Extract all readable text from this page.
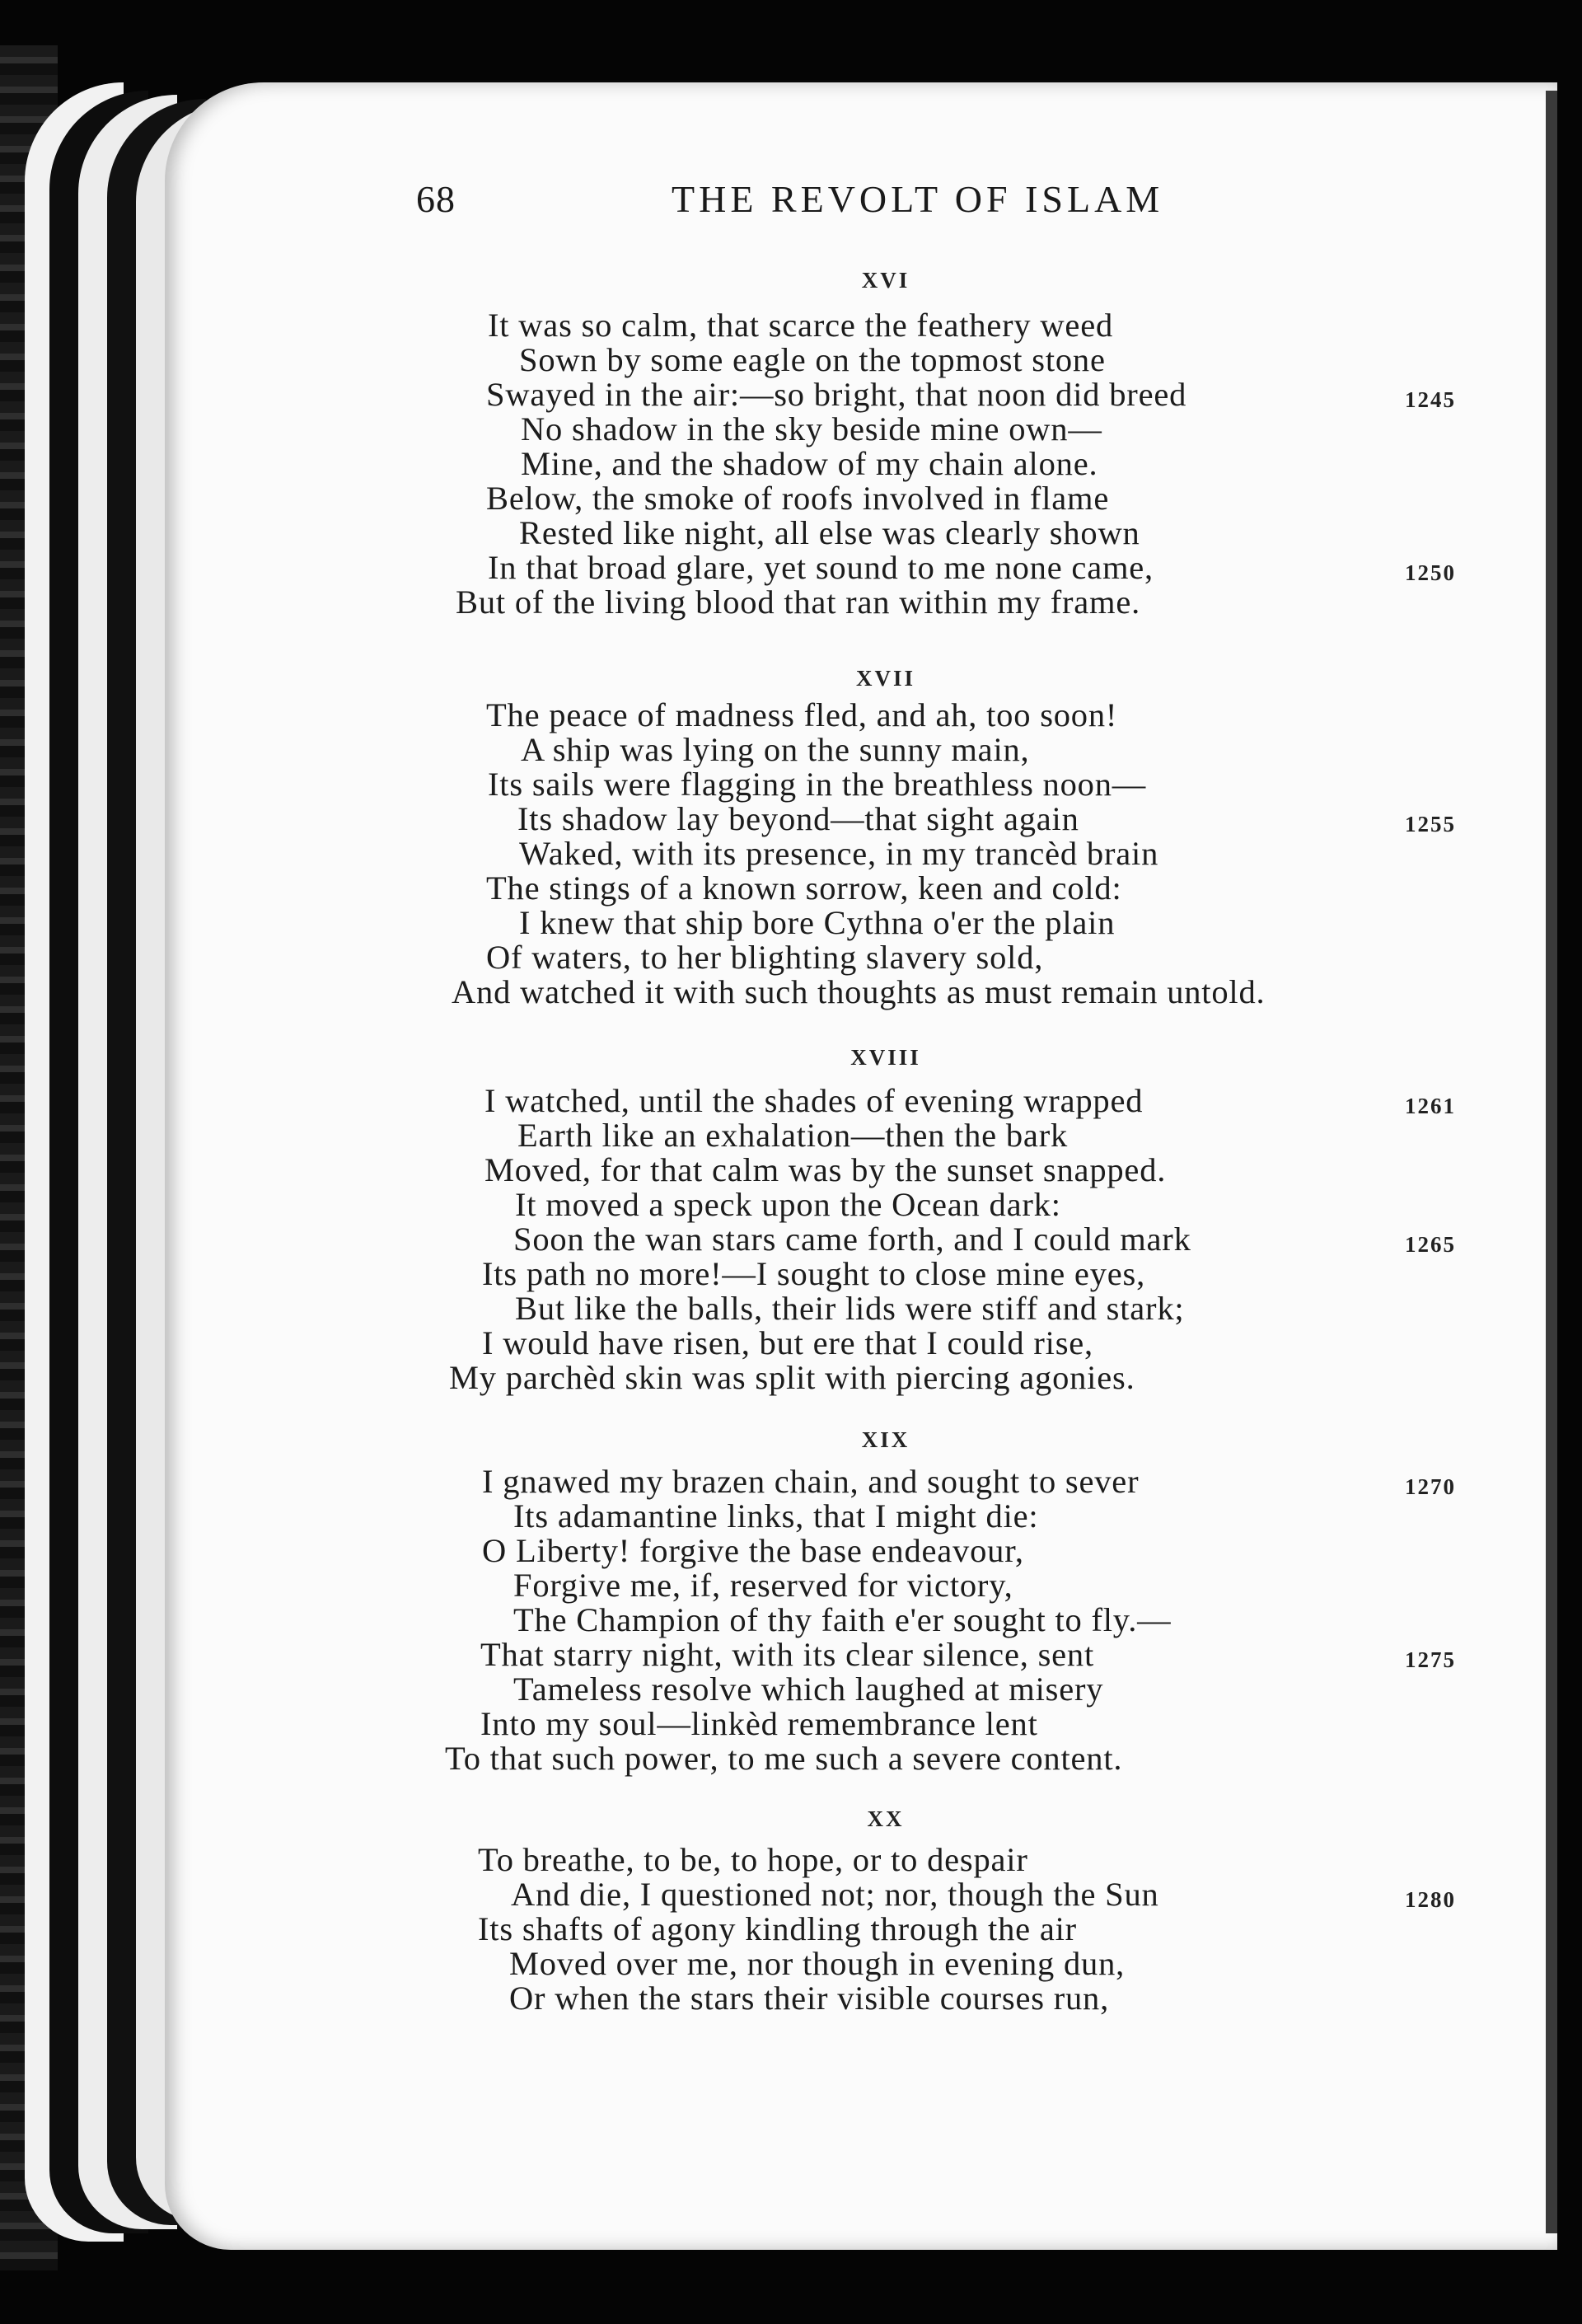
68	THE REVOLT OF ISLAM
XVI
It was so calm, that scarce the feathery weed
Sown by some eagle on the topmost stone
Swayed in the air:—so bright, that noon did breed	1245
No shadow in the sky beside mine own—
Mine, and the shadow of my chain alone.
Below, the smoke of roofs involved in flame
Rested like night, all else was clearly shown
In that broad glare, yet sound to me none came,	1250
But of the living blood that ran within my frame.
XVII
The peace of madness fled, and ah, too soon!
A ship was lying on the sunny main,
Its sails were flagging in the breathless noon—
Its shadow lay beyond—that sight again	1255
Waked, with its presence, in my trancèd brain
The stings of a known sorrow, keen and cold:
I knew that ship bore Cythna o'er the plain
Of waters, to her blighting slavery sold,
And watched it with such thoughts as must remain untold.
XVIII
I watched, until the shades of evening wrapped	1261
Earth like an exhalation—then the bark
Moved, for that calm was by the sunset snapped.
It moved a speck upon the Ocean dark:
Soon the wan stars came forth, and I could mark	1265
Its path no more!—I sought to close mine eyes,
But like the balls, their lids were stiff and stark;
I would have risen, but ere that I could rise,
My parchèd skin was split with piercing agonies.
XIX
I gnawed my brazen chain, and sought to sever	1270
Its adamantine links, that I might die:
O Liberty! forgive the base endeavour,
Forgive me, if, reserved for victory,
The Champion of thy faith e'er sought to fly.—
That starry night, with its clear silence, sent	1275
Tameless resolve which laughed at misery
Into my soul—linkèd remembrance lent
To that such power, to me such a severe content.
XX
To breathe, to be, to hope, or to despair
And die, I questioned not; nor, though the Sun	1280
Its shafts of agony kindling through the air
Moved over me, nor though in evening dun,
Or when the stars their visible courses run,
